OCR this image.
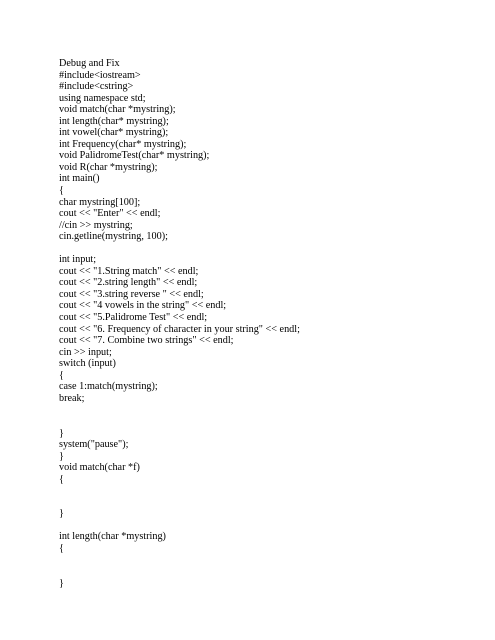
Debug and Fix
#include<iostream>
#include<cstring>
using namespace std;
void match(char *mystring);
int length(char* mystring);
int vowel(char* mystring);
int Frequency(char* mystring);
void PalidromeTest(char* mystring);
void R(char *mystring);
int main()
{
char mystring[100];
cout << "Enter" << endl;
//cin >> mystring;
cin.getline(mystring, 100);
int input;
cout << "1.String match" << endl;
cout << "2.string length" << endl;
cout << "3.string reverse " << endl;
cout << "4 vowels in the string" << endl;
cout << "5.Palidrome Test" << endl;
cout << "6. Frequency of character in your string" << endl;
cout << "7. Combine two strings" << endl;
cin >> input;
switch (input)
{
case 1:match(mystring);
break;
}
system("pause");
}
void match(char *f)
{
}
int length(char *mystring)
{
}
